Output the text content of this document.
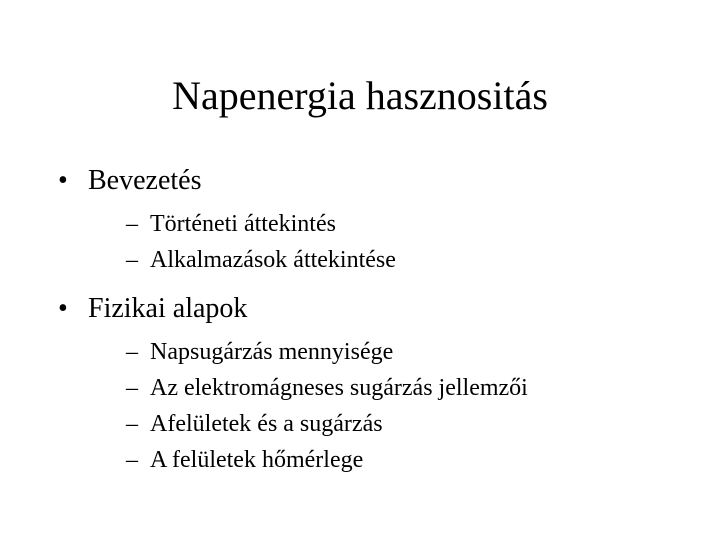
Napenergia hasznositás
• Bevezetés
– Történeti áttekintés
– Alkalmazások áttekintése
• Fizikai alapok
– Napsugárzás mennyisége
– Az elektromágneses sugárzás jellemzői
– Afelületek és a sugárzás
– A felületek hőmérlege
